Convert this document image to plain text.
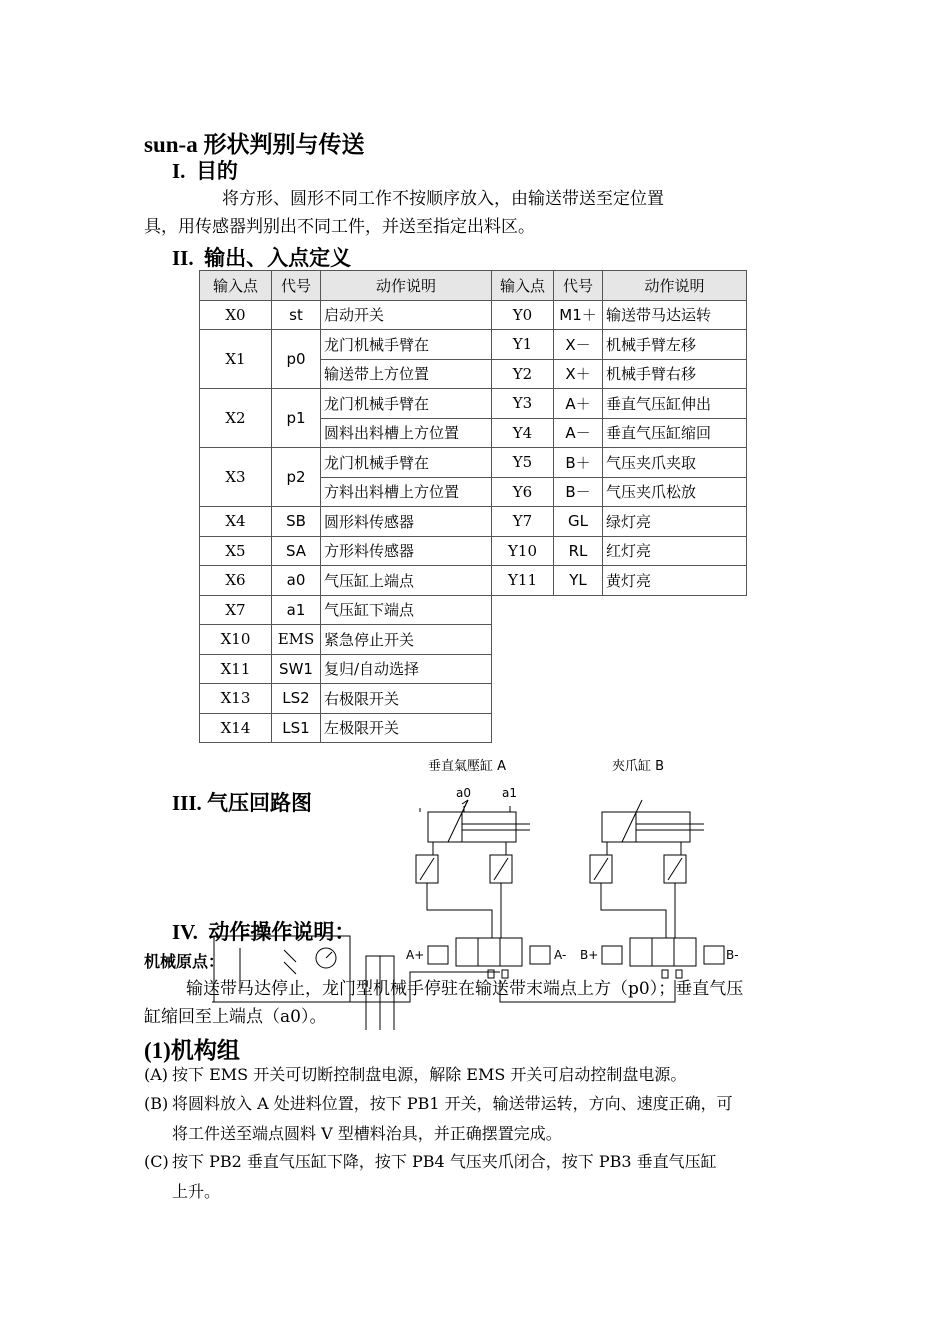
sun-a 形状判别与传送
I. 目的
将方形、圆形不同工作不按顺序放入，由输送带送至定位置
具，用传感器判别出不同工件，并送至指定出料区。
II. 输出、入点定义
输入点	代号	动作说明	输入点	代号	动作说明
X0	st	启动开关	Y0	M1＋	输送带马达运转
X1	p0	龙门机械手臂在	Y1	X－	机械手臂左移
		输送带上方位置	Y2	X＋	机械手臂右移
X2	p1	龙门机械手臂在	Y3	A＋	垂直气压缸伸出
		圆料出料槽上方位置	Y4	A－	垂直气压缸缩回
X3	p2	龙门机械手臂在	Y5	B＋	气压夹爪夹取
		方料出料槽上方位置	Y6	B－	气压夹爪松放
X4	SB	圆形料传感器	Y7	GL	绿灯亮
X5	SA	方形料传感器	Y10	RL	红灯亮
X6	a0	气压缸上端点	Y11	YL	黄灯亮
X7	a1	气压缸下端点			
X10	EMS	紧急停止开关			
X11	SW1	复归/自动选择			
X13	LS2	右极限开关			
X14	LS1	左极限开关			
III. 气压回路图
垂直氣壓缸 A	夾爪缸 B
a0	a1
A+	A- B+	B-
IV. 动作操作说明：
机械原点：
输送带马达停止，龙门型机械手停驻在输送带末端点上方（p0）；垂直气压
缸缩回至上端点（a0）。
(1)机构组
(A) 按下 EMS 开关可切断控制盘电源，解除 EMS 开关可启动控制盘电源。
(B) 将圆料放入 A 处进料位置，按下 PB1 开关，输送带运转，方向、速度正确，可
将工件送至端点圆料 V 型槽料治具，并正确摆置完成。
(C) 按下 PB2 垂直气压缸下降，按下 PB4 气压夹爪闭合，按下 PB3 垂直气压缸
上升。
